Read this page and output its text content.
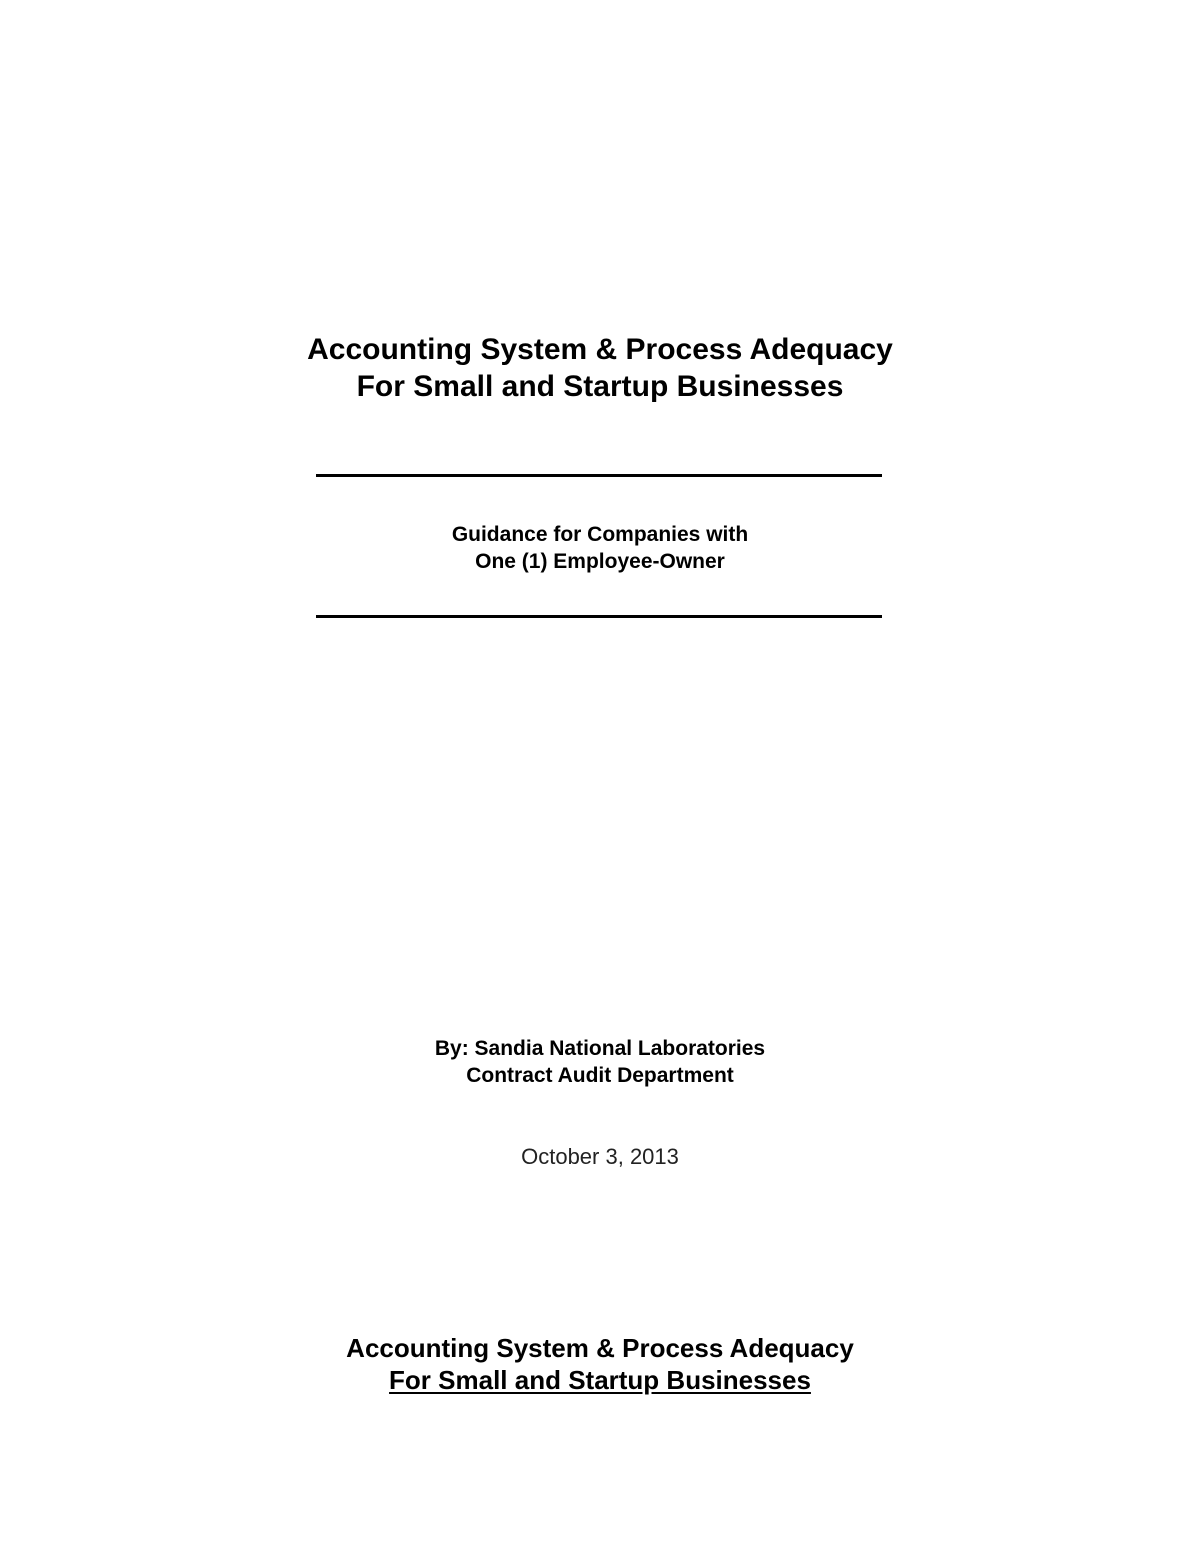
Accounting System & Process Adequacy
For Small and Startup Businesses
Guidance for Companies with
One (1) Employee-Owner
By: Sandia National Laboratories
Contract Audit Department
October 3, 2013
Accounting System & Process Adequacy
For Small and Startup Businesses
